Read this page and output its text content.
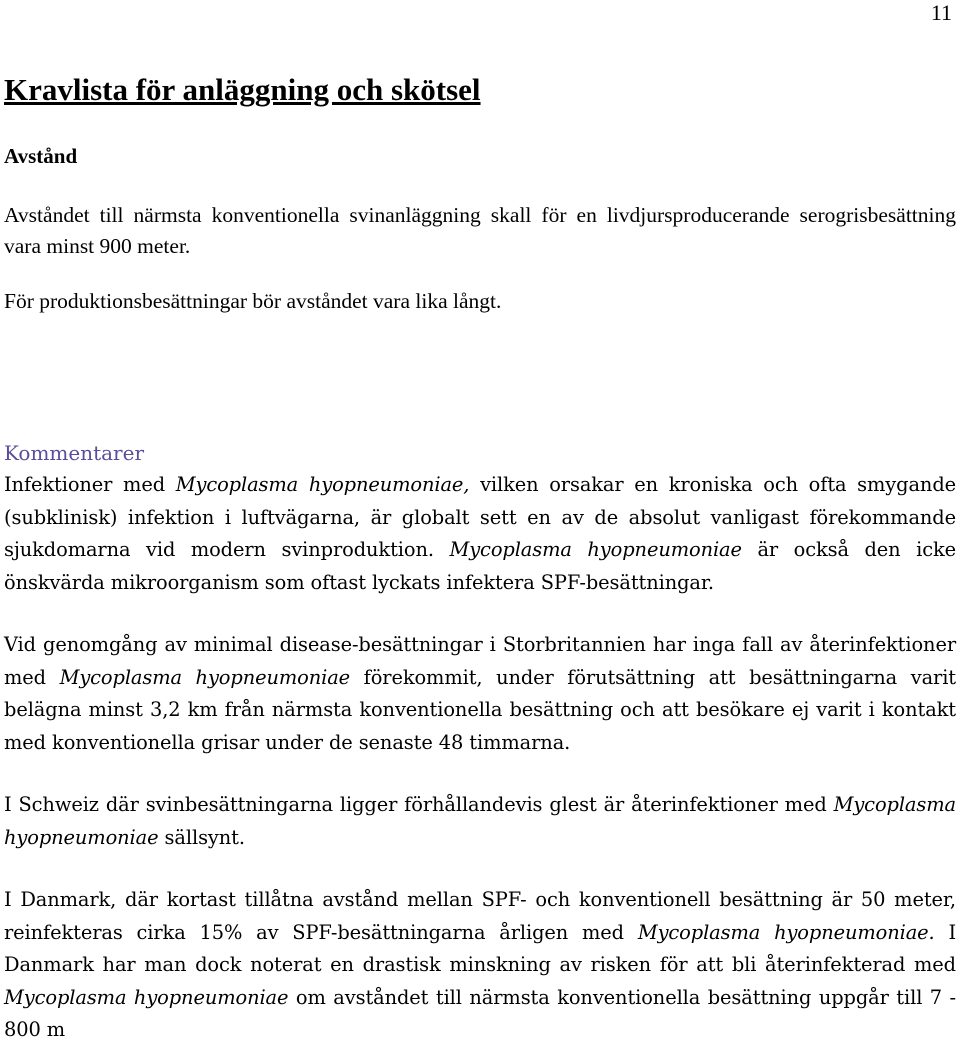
11
Kravlista för anläggning och skötsel
Avstånd

Avståndet till närmsta konventionella svinanläggning skall för en livdjursproducerande serogrisbesättning vara minst 900 meter.

För produktionsbesättningar bör avståndet vara lika långt.

Kommentarer

Infektioner med Mycoplasma hyopneumoniae, vilken orsakar en kroniska och ofta smygande (subklinisk) infektion i luftvägarna, är globalt sett en av de absolut vanligast förekommande sjukdomarna vid modern svinproduktion. Mycoplasma hyopneumoniae är också den icke önskvärda mikroorganism som oftast lyckats infektera SPF-besättningar.

Vid genomgång av minimal disease-besättningar i Storbritannien har inga fall av återinfektioner med Mycoplasma hyopneumoniae förekommit, under förutsättning att besättningarna varit belägna minst 3,2 km från närmsta konventionella besättning och att besökare ej varit i kontakt med konventionella grisar under de senaste 48 timmarna.

I Schweiz där svinbesättningarna ligger förhållandevis glest är återinfektioner med Mycoplasma hyopneumoniae sällsynt.

I Danmark, där kortast tillåtna avstånd mellan SPF- och konventionell besättning är 50 meter, reinfekteras cirka 15% av SPF-besättningarna årligen med Mycoplasma hyopneumoniae. I Danmark har man dock noterat en drastisk minskning av risken för att bli återinfekterad med Mycoplasma hyopneumoniae om avståndet till närmsta konventionella besättning uppgår till 7 - 800 m
